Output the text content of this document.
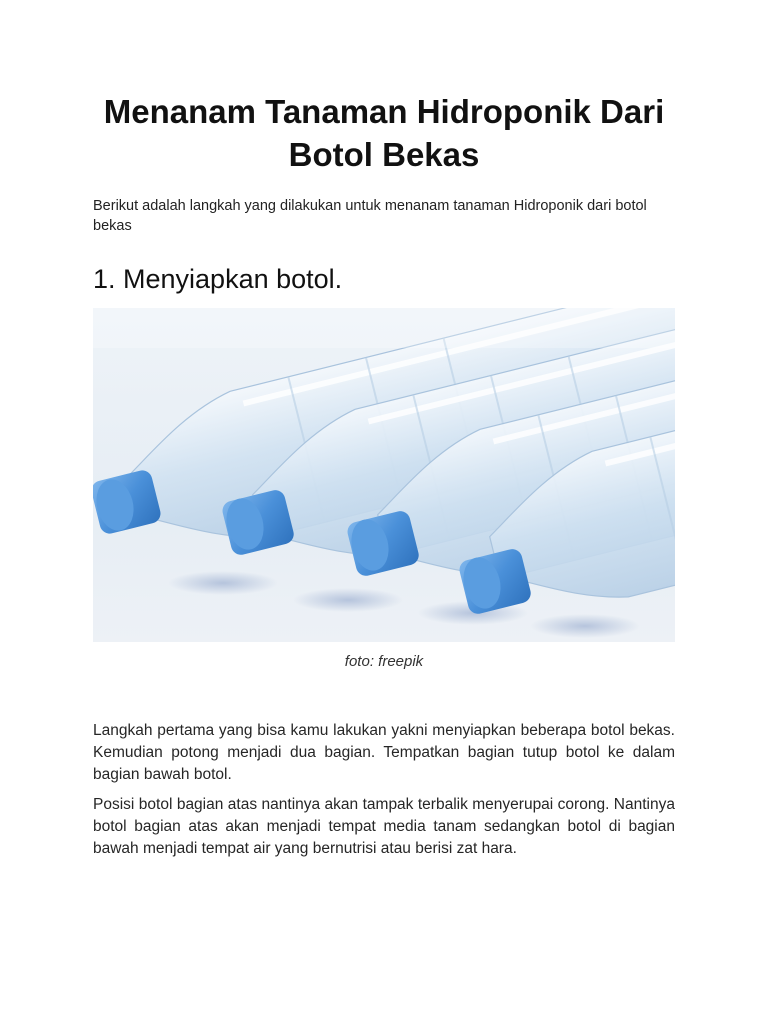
Menanam Tanaman Hidroponik Dari Botol Bekas

Berikut adalah langkah yang dilakukan untuk menanam tanaman Hidroponik dari botol bekas

1. Menyiapkan botol.

foto: freepik

Langkah pertama yang bisa kamu lakukan yakni menyiapkan beberapa botol bekas. Kemudian potong menjadi dua bagian. Tempatkan bagian tutup botol ke dalam bagian bawah botol.

Posisi botol bagian atas nantinya akan tampak terbalik menyerupai corong. Nantinya botol bagian atas akan menjadi tempat media tanam sedangkan botol di bagian bawah menjadi tempat air yang bernutrisi atau berisi zat hara.
